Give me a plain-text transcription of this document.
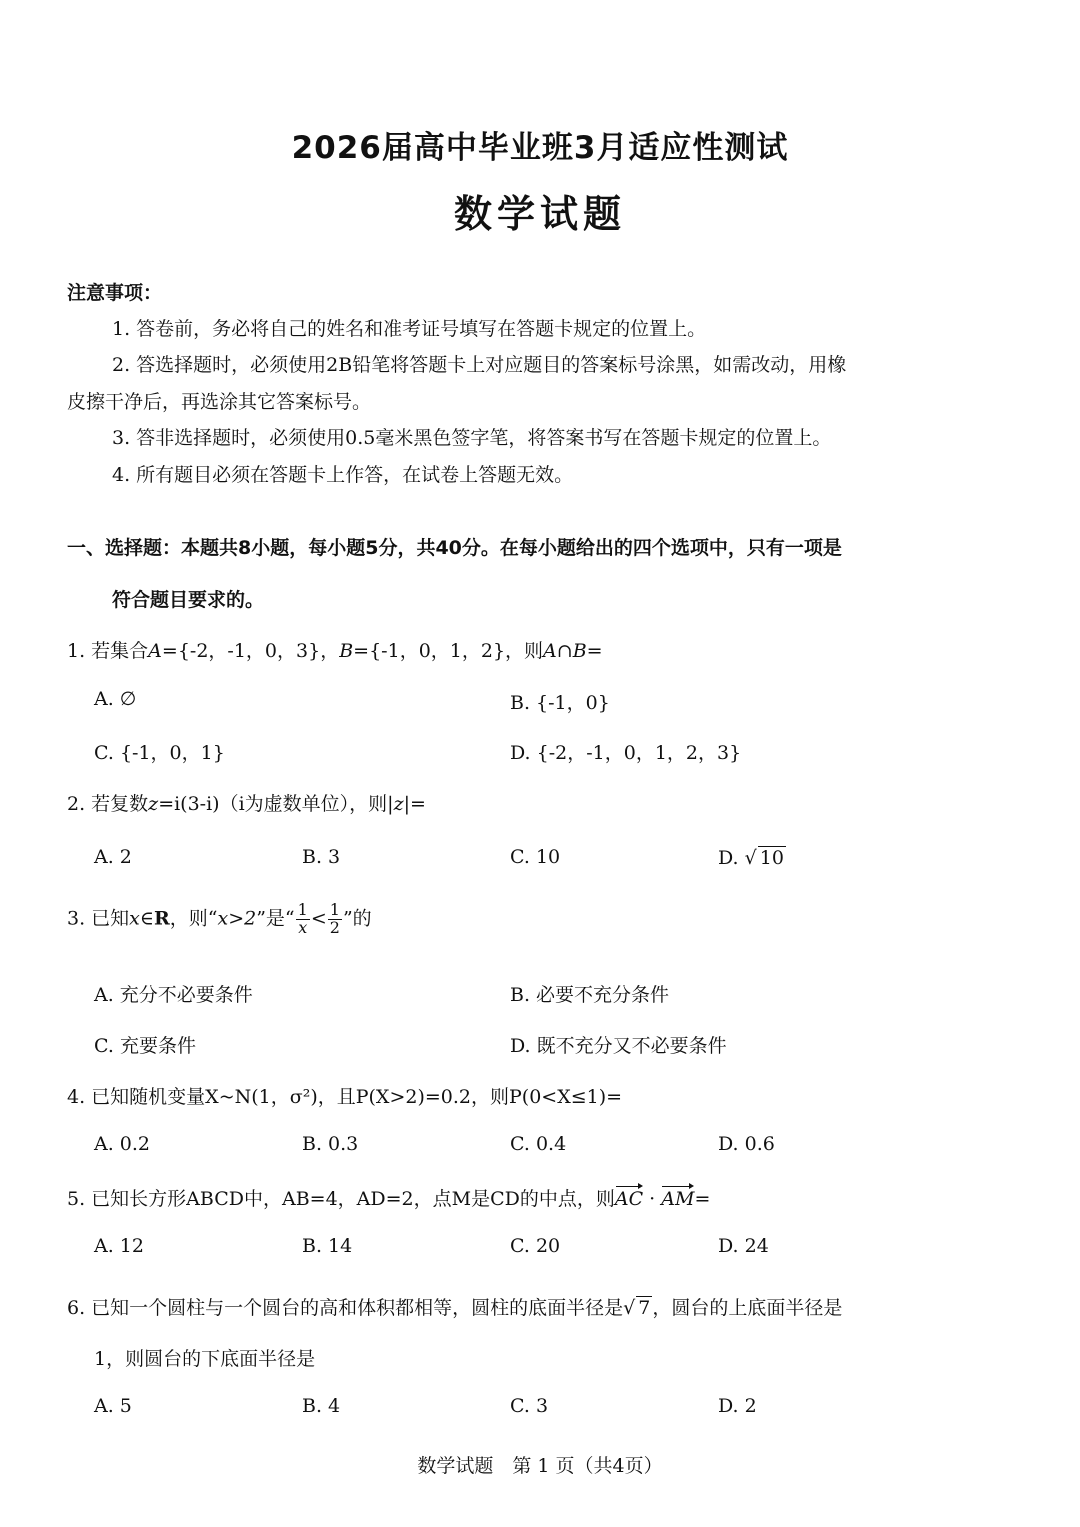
2026届高中毕业班3月适应性测试
数学试题
注意事项：
1. 答卷前，务必将自己的姓名和准考证号填写在答题卡规定的位置上。
2. 答选择题时，必须使用2B铅笔将答题卡上对应题目的答案标号涂黑，如需改动，用橡
皮擦干净后，再选涂其它答案标号。
3. 答非选择题时，必须使用0.5毫米黑色签字笔，将答案书写在答题卡规定的位置上。
4. 所有题目必须在答题卡上作答，在试卷上答题无效。
一、选择题：本题共8小题，每小题5分，共40分。在每小题给出的四个选项中，只有一项是
符合题目要求的。
1. 若集合A={-2，-1，0，3}，B={-1，0，1，2}，则A∩B=
A. ∅	B. {-1，0}
C. {-1，0，1}	D. {-2，-1，0，1，2，3}
2. 若复数z=i(3-i)（i为虚数单位），则|z|=
A. 2	B. 3	C. 10	D. √ 10
3. 已知x∈R，则“x>2”是“ $\frac{1}{x} < \frac{1}{2}$ ”的
A. 充分不必要条件	B. 必要不充分条件
C. 充要条件	D. 既不充分又不必要条件
4. 已知随机变量X~N(1，σ²)，且P(X>2)=0.2，则P(0<X≤1)=
A. 0.2	B. 0.3	C. 0.4	D. 0.6
5. 已知长方形ABCD中，AB=4，AD=2，点M是CD的中点，则AC · AM=
A. 12	B. 14	C. 20	D. 24
6. 已知一个圆柱与一个圆台的高和体积都相等，圆柱的底面半径是√ 7 ，圆台的上底面半径是
1，则圆台的下底面半径是
A. 5	B. 4	C. 3	D. 2
数学试题　第 1 页（共4页）
